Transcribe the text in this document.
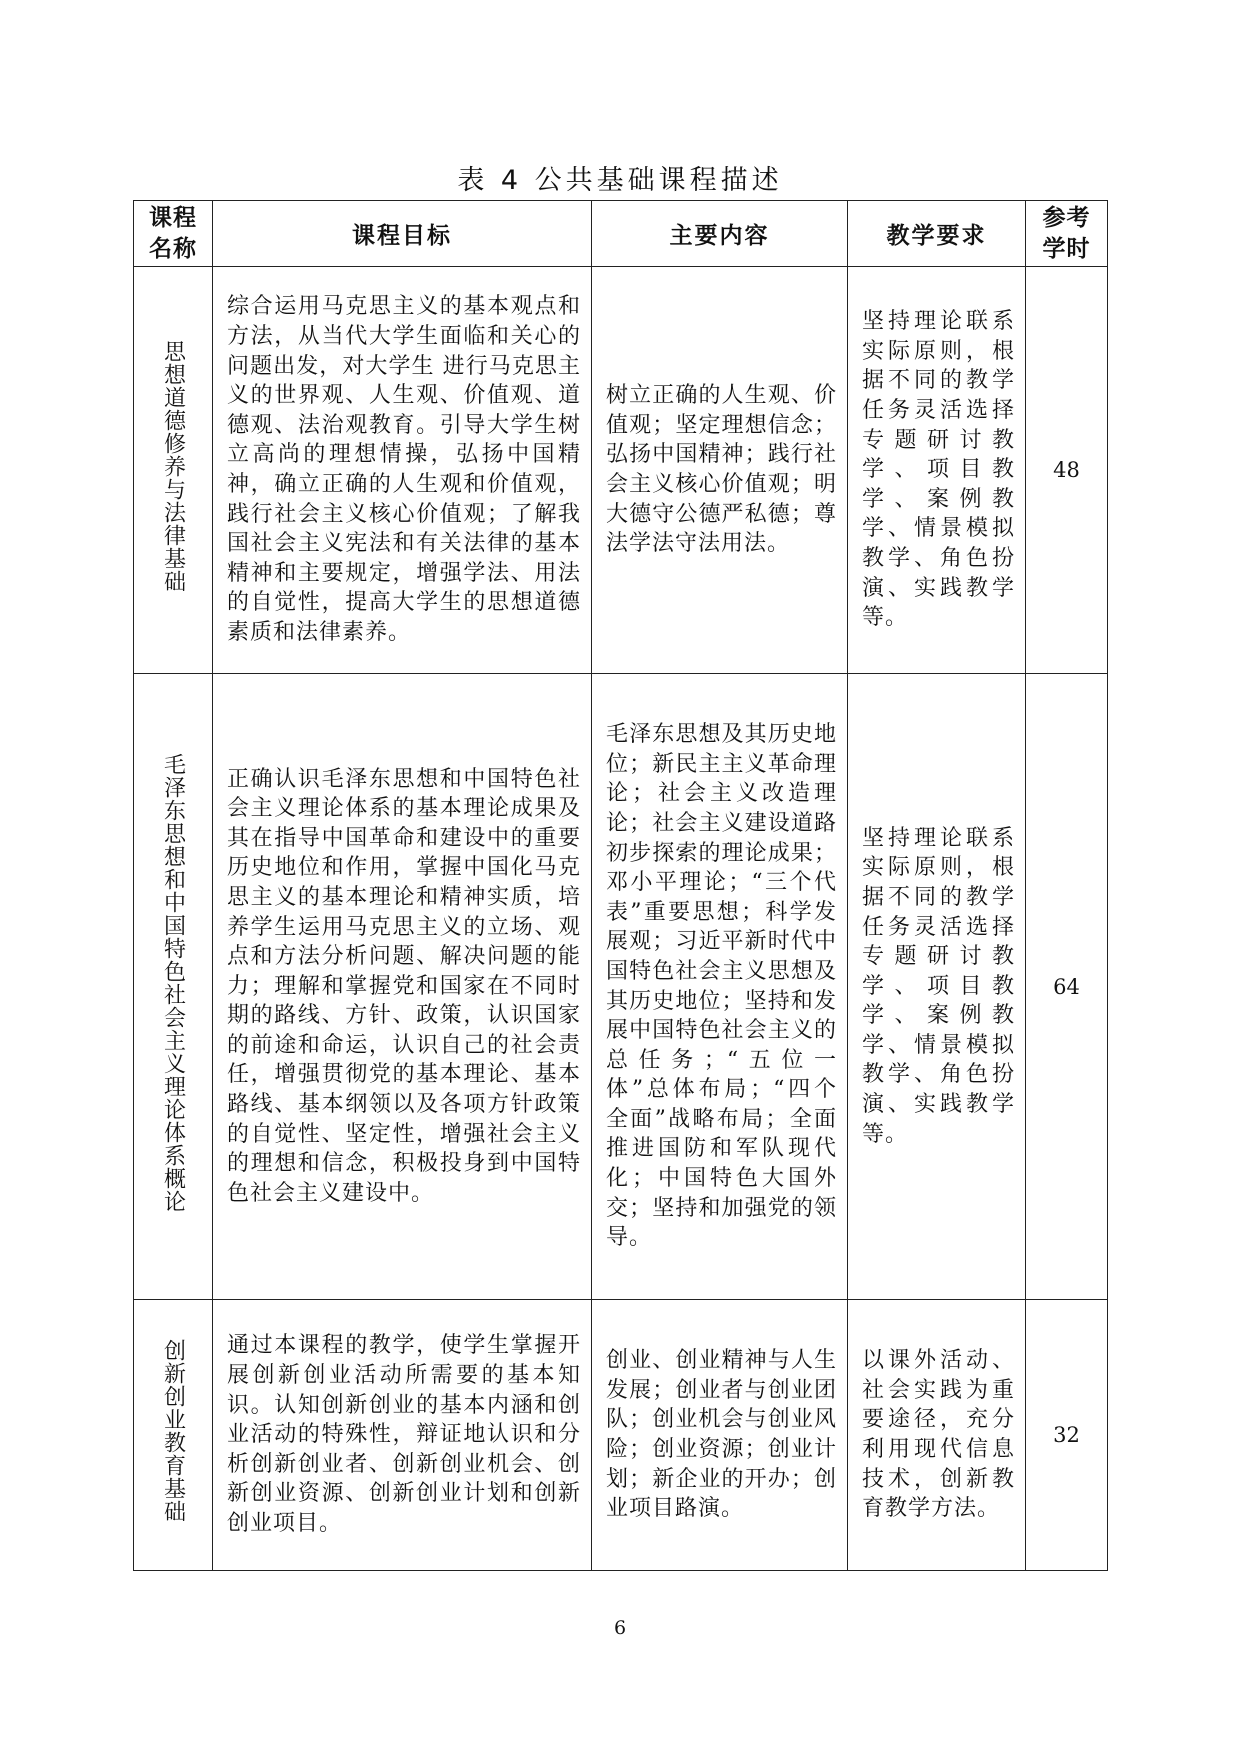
表 4 公共基础课程描述
课程名称	课程目标	主要内容	教学要求	参考学时
思想道德修养与法律基础	综合运用马克思主义的基本观点和方法，从当代大学生面临和关心的问题出发，对大学生 进行马克思主义的世界观、人生观、价值观、道德观、法治观教育。引导大学生树立高尚的理想情操，弘扬中国精神，确立正确的人生观和价值观，践行社会主义核心价值观；了解我国社会主义宪法和有关法律的基本精神和主要规定，增强学法、用法的自觉性，提高大学生的思想道德素质和法律素养。	树立正确的人生观、价值观；坚定理想信念；弘扬中国精神；践行社会主义核心价值观；明大德守公德严私德；尊法学法守法用法。	坚持理论联系实际原则，根据不同的教学任务灵活选择专题研讨教学、项目教学、案例教学、情景模拟教学、角色扮演、实践教学等。	48
毛泽东思想和中国特色社会主义理论体系概论	正确认识毛泽东思想和中国特色社会主义理论体系的基本理论成果及其在指导中国革命和建设中的重要历史地位和作用，掌握中国化马克思主义的基本理论和精神实质，培养学生运用马克思主义的立场、观点和方法分析问题、解决问题的能力；理解和掌握党和国家在不同时期的路线、方针、政策，认识国家的前途和命运，认识自己的社会责任，增强贯彻党的基本理论、基本路线、基本纲领以及各项方针政策的自觉性、坚定性，增强社会主义的理想和信念，积极投身到中国特色社会主义建设中。	毛泽东思想及其历史地位；新民主主义革命理论；社会主义改造理论；社会主义建设道路初步探索的理论成果；邓小平理论；“三个代表”重要思想；科学发展观；习近平新时代中国特色社会主义思想及其历史地位；坚持和发展中国特色社会主义的总任务；“五位一体”总体布局；“四个全面”战略布局；全面推进国防和军队现代化；中国特色大国外交；坚持和加强党的领导。	坚持理论联系实际原则，根据不同的教学任务灵活选择专题研讨教学、项目教学、案例教学、情景模拟教学、角色扮演、实践教学等。	64
创新创业教育基础	通过本课程的教学，使学生掌握开展创新创业活动所需要的基本知识。认知创新创业的基本内涵和创业活动的特殊性，辩证地认识和分析创新创业者、创新创业机会、创新创业资源、创新创业计划和创新创业项目。	创业、创业精神与人生发展；创业者与创业团队；创业机会与创业风险；创业资源；创业计划；新企业的开办；创业项目路演。	以课外活动、社会实践为重要途径，充分利用现代信息技术，创新教育教学方法。	32
6
